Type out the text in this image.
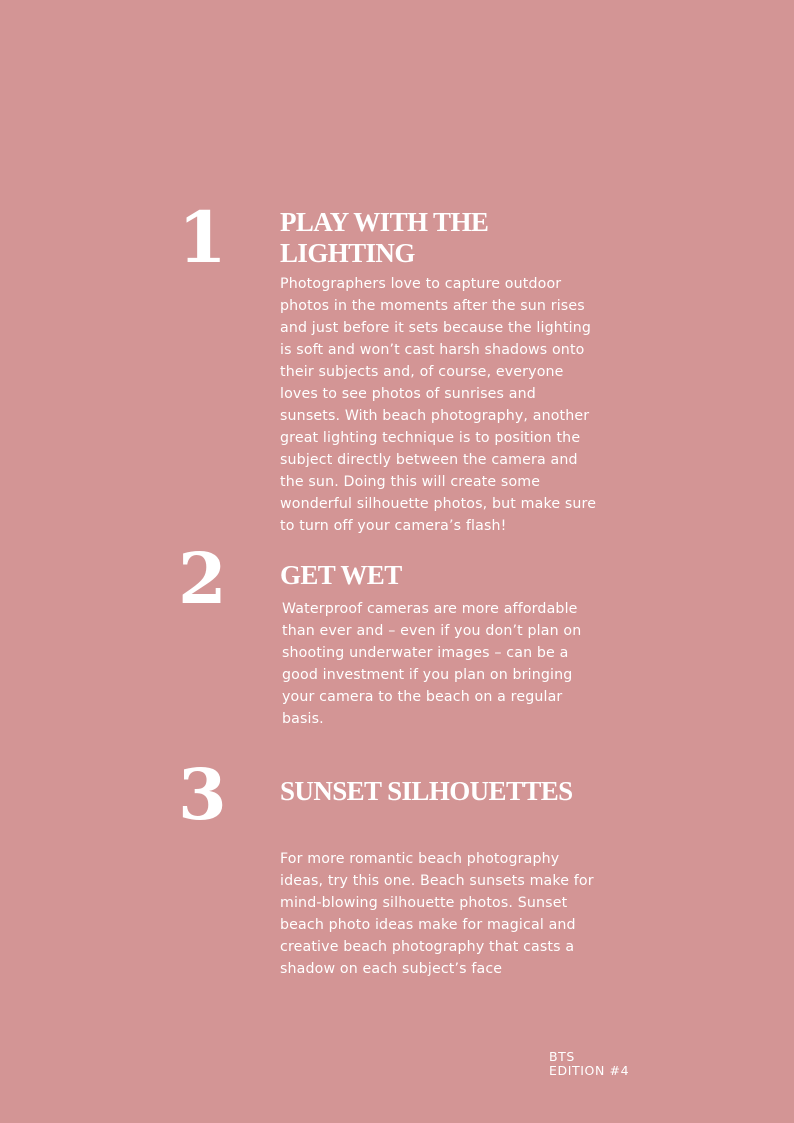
1	PLAY WITH THE LIGHTING

Photographers love to capture outdoor photos in the moments after the sun rises and just before it sets because the lighting is soft and won’t cast harsh shadows onto their subjects and, of course, everyone loves to see photos of sunrises and sunsets. With beach photography, another great lighting technique is to position the subject directly between the camera and the sun. Doing this will create some wonderful silhouette photos, but make sure to turn off your camera’s flash!

2	GET WET

Waterproof cameras are more affordable than ever and – even if you don’t plan on shooting underwater images – can be a good investment if you plan on bringing your camera to the beach on a regular basis.

3	SUNSET SILHOUETTES

For more romantic beach photography ideas, try this one. Beach sunsets make for mind-blowing silhouette photos. Sunset beach photo ideas make for magical and creative beach photography that casts a shadow on each subject’s face

BTS
EDITION #4
